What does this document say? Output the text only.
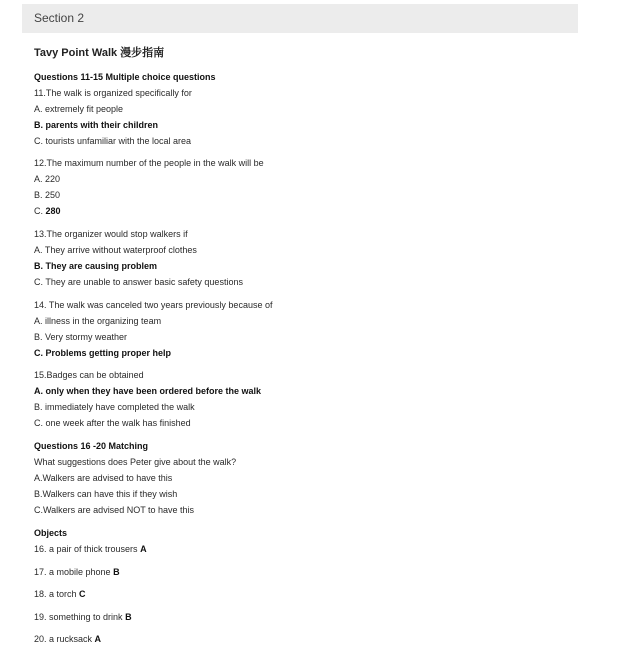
Section 2
Tavy Point Walk 漫步指南
Questions 11-15 Multiple choice questions
11.The walk is organized specifically for
A. extremely fit people
B. parents with their children
C. tourists unfamiliar with the local area
12.The maximum number of the people in the walk will be
A. 220
B. 250
C. 280
13.The organizer would stop walkers if
A. They arrive without waterproof clothes
B. They are causing problem
C. They are unable to answer basic safety questions
14. The walk was canceled two years previously because of
A. illness in the organizing team
B. Very stormy weather
C. Problems getting proper help
15.Badges can be obtained
A. only when they have been ordered before the walk
B. immediately have completed the walk
C. one week after the walk has finished
Questions 16 -20 Matching
What suggestions does Peter give about the walk?
A.Walkers are advised to have this
B.Walkers can have this if they wish
C.Walkers are advised NOT to have this
Objects
16. a pair of thick trousers A
17. a mobile phone B
18. a torch C
19. something to drink B
20. a rucksack A
